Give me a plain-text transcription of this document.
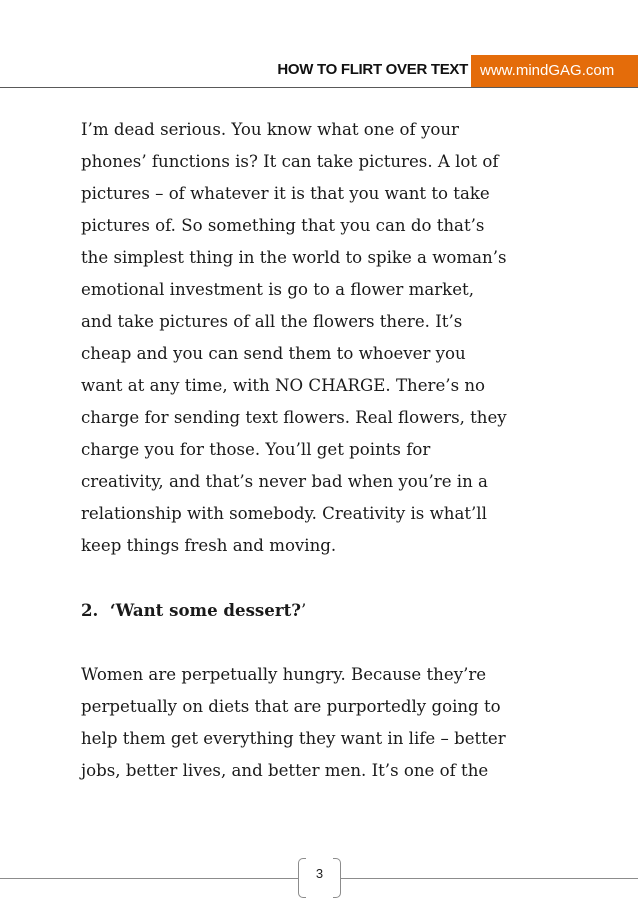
HOW TO FLIRT OVER TEXT www.mindGAG.com

I’m dead serious. You know what one of your
phones’ functions is? It can take pictures. A lot of
pictures – of whatever it is that you want to take
pictures of. So something that you can do that’s
the simplest thing in the world to spike a woman’s
emotional investment is go to a flower market,
and take pictures of all the flowers there. It’s
cheap and you can send them to whoever you
want at any time, with NO CHARGE. There’s no
charge for sending text flowers. Real flowers, they
charge you for those. You’ll get points for
creativity, and that’s never bad when you’re in a
relationship with somebody. Creativity is what’ll
keep things fresh and moving.

2. ‘Want some dessert?’

Women are perpetually hungry. Because they’re
perpetually on diets that are purportedly going to
help them get everything they want in life – better
jobs, better lives, and better men. It’s one of the

3
